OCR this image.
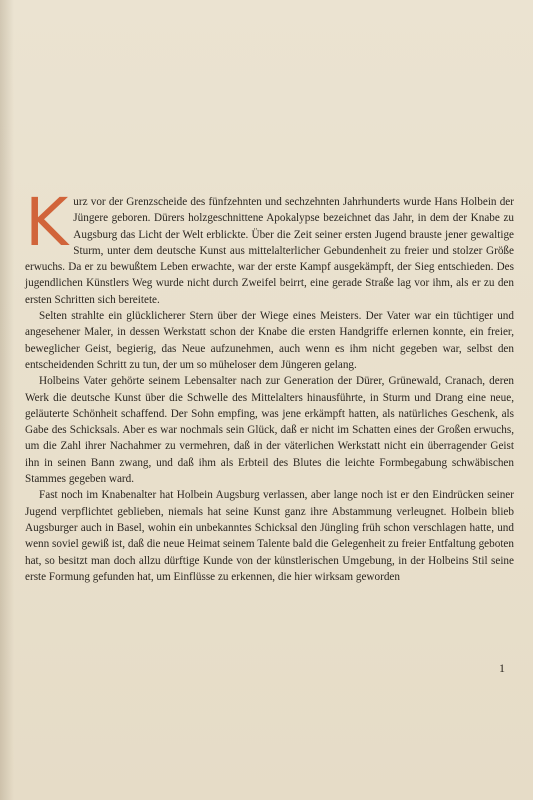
Kurz vor der Grenzscheide des fünfzehnten und sechzehnten Jahrhunderts wurde Hans Holbein der Jüngere geboren. Dürers holzgeschnittene Apokalypse bezeichnet das Jahr, in dem der Knabe zu Augsburg das Licht der Welt erblickte. Über die Zeit seiner ersten Jugend brauste jener gewaltige Sturm, unter dem deutsche Kunst aus mittelalterlicher Gebundenheit zu freier und stolzer Größe erwuchs. Da er zu bewußtem Leben erwachte, war der erste Kampf ausgekämpft, der Sieg entschieden. Des jugendlichen Künstlers Weg wurde nicht durch Zweifel beirrt, eine gerade Straße lag vor ihm, als er zu den ersten Schritten sich bereitete.

Selten strahlte ein glücklicherer Stern über der Wiege eines Meisters. Der Vater war ein tüchtiger und angesehener Maler, in dessen Werkstatt schon der Knabe die ersten Handgriffe erlernen konnte, ein freier, beweglicher Geist, begierig, das Neue aufzunehmen, auch wenn es ihm nicht gegeben war, selbst den entscheidenden Schritt zu tun, der um so müheloser dem Jüngeren gelang.

Holbeins Vater gehörte seinem Lebensalter nach zur Generation der Dürer, Grünewald, Cranach, deren Werk die deutsche Kunst über die Schwelle des Mittelalters hinausführte, in Sturm und Drang eine neue, geläuterte Schönheit schaffend. Der Sohn empfing, was jene erkämpft hatten, als natürliches Geschenk, als Gabe des Schicksals. Aber es war nochmals sein Glück, daß er nicht im Schatten eines der Großen erwuchs, um die Zahl ihrer Nachahmer zu vermehren, daß in der väterlichen Werkstatt nicht ein überragender Geist ihn in seinen Bann zwang, und daß ihm als Erbteil des Blutes die leichte Formbegabung schwäbischen Stammes gegeben ward.

Fast noch im Knabenalter hat Holbein Augsburg verlassen, aber lange noch ist er den Eindrücken seiner Jugend verpflichtet geblieben, niemals hat seine Kunst ganz ihre Abstammung verleugnet. Holbein blieb Augsburger auch in Basel, wohin ein unbekanntes Schicksal den Jüngling früh schon verschlagen hatte, und wenn soviel gewiß ist, daß die neue Heimat seinem Talente bald die Gelegenheit zu freier Entfaltung geboten hat, so besitzt man doch allzu dürftige Kunde von der künstlerischen Umgebung, in der Holbeins Stil seine erste Formung gefunden hat, um Einflüsse zu erkennen, die hier wirksam geworden

1
